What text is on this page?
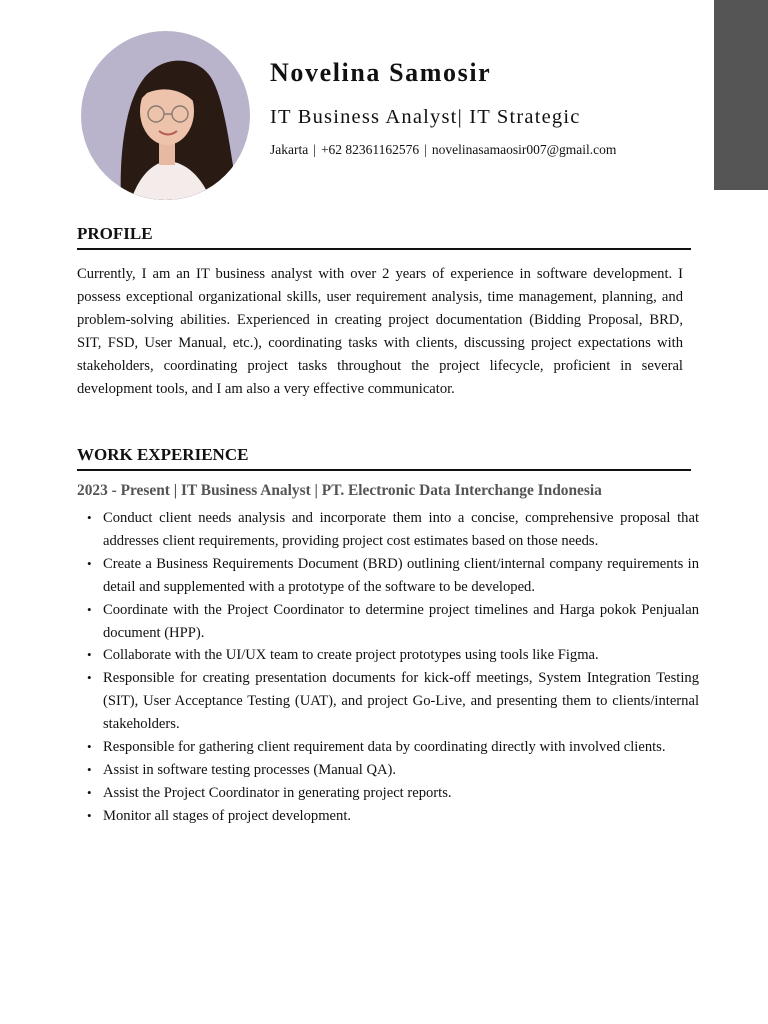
Novelina Samosir
IT Business Analyst| IT Strategic
Jakarta | +62 82361162576 | novelinasamaosir007@gmail.com
PROFILE

Currently, I am an IT business analyst with over 2 years of experience in software development. I possess exceptional organizational skills, user requirement analysis, time management, planning, and problem-solving abilities. Experienced in creating project documentation (Bidding Proposal, BRD, SIT, FSD, User Manual, etc.), coordinating tasks with clients, discussing project expectations with stakeholders, coordinating project tasks throughout the project lifecycle, proficient in several development tools, and I am also a very effective communicator.

WORK EXPERIENCE
2023 - Present | IT Business Analyst | PT. Electronic Data Interchange Indonesia
• Conduct client needs analysis and incorporate them into a concise, comprehensive proposal that addresses client requirements, providing project cost estimates based on those needs.
• Create a Business Requirements Document (BRD) outlining client/internal company requirements in detail and supplemented with a prototype of the software to be developed.
• Coordinate with the Project Coordinator to determine project timelines and Harga pokok Penjualan document (HPP).
• Collaborate with the UI/UX team to create project prototypes using tools like Figma.
• Responsible for creating presentation documents for kick-off meetings, System Integration Testing (SIT), User Acceptance Testing (UAT), and project Go-Live, and presenting them to clients/internal stakeholders.
• Responsible for gathering client requirement data by coordinating directly with involved clients.
• Assist in software testing processes (Manual QA).
• Assist the Project Coordinator in generating project reports.
• Monitor all stages of project development.
